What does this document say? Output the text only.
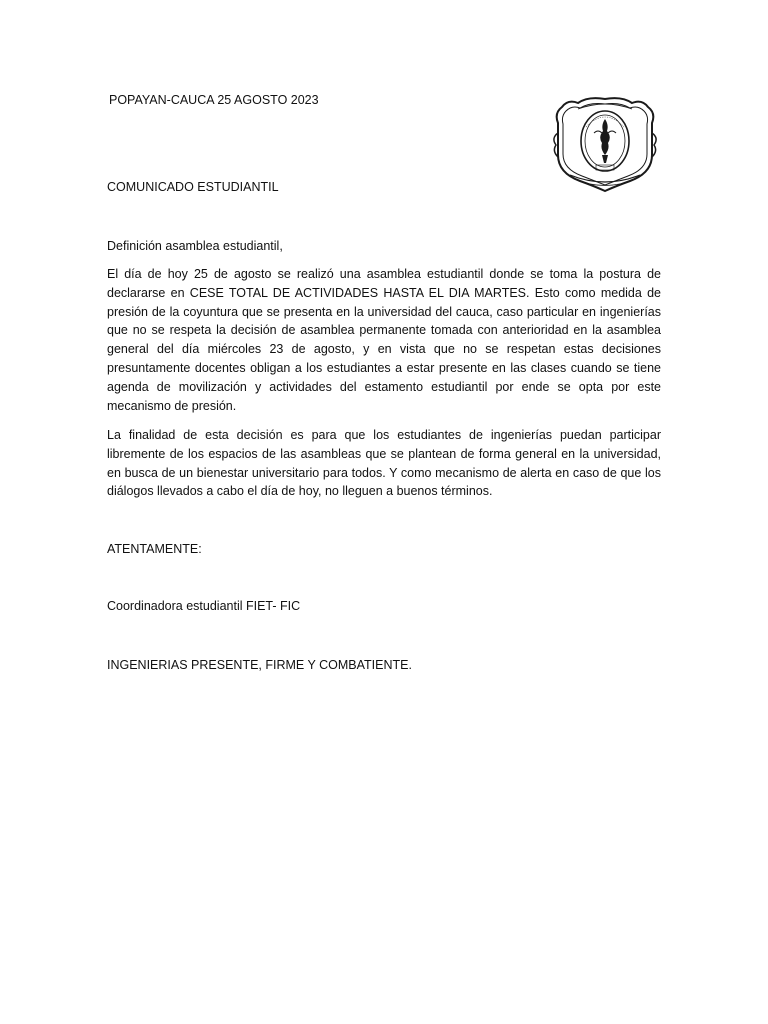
POPAYAN-CAUCA 25 AGOSTO 2023
COMUNICADO ESTUDIANTIL
Definición asamblea estudiantil,
El día de hoy 25 de agosto se realizó una asamblea estudiantil donde se toma la postura de declararse en CESE TOTAL DE ACTIVIDADES HASTA EL DIA MARTES. Esto como medida de presión de la coyuntura que se presenta en la universidad del cauca, caso particular en ingenierías que no se respeta la decisión de asamblea permanente tomada con anterioridad en la asamblea general del día miércoles 23 de agosto, y en vista que no se respetan estas decisiones presuntamente docentes obligan a los estudiantes a estar presente en las clases cuando se tiene agenda de movilización y actividades del estamento estudiantil por ende se opta por este mecanismo de presión.
La finalidad de esta decisión es para que los estudiantes de ingenierías puedan participar libremente de los espacios de las asambleas que se plantean de forma general en la universidad, en busca de un bienestar universitario para todos. Y como mecanismo de alerta en caso de que los diálogos llevados a cabo el día de hoy, no lleguen a buenos términos.
ATENTAMENTE:
Coordinadora estudiantil FIET- FIC
INGENIERIAS PRESENTE, FIRME Y COMBATIENTE.
